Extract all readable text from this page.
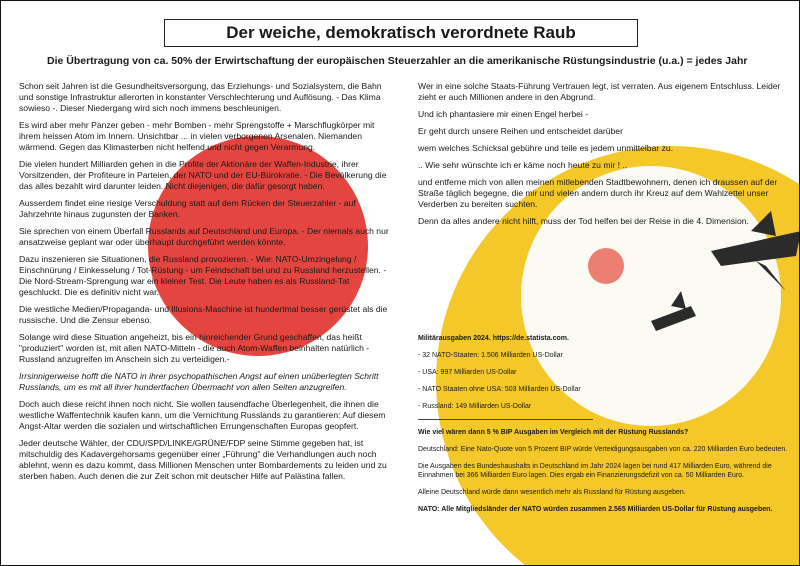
Der weiche, demokratisch verordnete Raub
Die Übertragung von ca. 50% der Erwirtschaftung der europäischen Steuerzahler an die amerikanische Rüstungsindustrie (u.a.) = jedes Jahr

Schon seit Jahren ist die Gesundheitsversorgung, das Erziehungs- und Sozialsystem, die Bahn und sonstige Infrastruktur allerorten in konstanter Verschlechterung und Auflösung. - Das Klima sowieso -. Dieser Niedergang wird sich noch immens beschleunigen.

Es wird aber mehr Panzer geben - mehr Bomben - mehr Sprengstoffe + Marschflugkörper mit ihrem heissen Atom im Innern. Unsichtbar ... in vielen verborgenen Arsenalen. Niemanden wärmend. Gegen das Klimasterben nicht helfend und nicht gegen Verarmung.

Die vielen hundert Milliarden gehen in die Profite der Aktionäre der Waffen-Industrie, ihrer Vorsitzenden, der Profiteure in Parteien, der NATO und der EU-Bürokratie. - Die Bevölkerung die das alles bezahlt wird darunter leiden. Nicht diejenigen, die dafür gesorgt haben.

Ausserdem findet eine riesige Verschuldung statt auf dem Rücken der Steuerzahler - auf Jahrzehnte hinaus zugunsten der Banken.

Sie sprechen von einem Überfall Russlands auf Deutschland und Europa. - Der niemals auch nur ansatzweise geplant war oder überhaupt durchgeführt werden könnte.

Dazu inszenieren sie Situationen, die Russland provozieren. - Wie: NATO-Umzingelung / Einschnürung / Einkesselung / Tot-Rüstung - um Feindschaft bei und zu Russland herzustellen. - Die Nord-Stream-Sprengung war ein kleiner Test. Die Leute haben es als Russland-Tat geschluckt. Die es definitiv nicht war.

Die westliche Medien/Propaganda- und Illusions-Maschine ist hundertmal besser gerüstet als die russische. Und die Zensur ebenso.

Solange wird diese Situation angeheizt, bis ein hinreichender Grund geschaffen, das heißt "produziert" worden ist, mit allen NATO-Mitteln - die auch Atom-Waffen beinhalten natürlich - Russland anzugreifen im Anschein sich zu verteidigen.-

Irrsinnigerweise hofft die NATO in ihrer psychopathischen Angst auf einen unüberlegten Schritt Russlands, um es mit all ihrer hundertfachen Übermacht von allen Seiten anzugreifen.

Doch auch diese reicht ihnen noch nicht. Sie wollen tausendfache Überlegenheit, die ihnen die westliche Waffentechnik kaufen kann, um die Vernichtung Russlands zu garantieren: Auf diesem Angst-Altar werden die sozialen und wirtschaftlichen Errungenschaften Europas geopfert.

Jeder deutsche Wähler, der CDU/SPD/LINKE/GRÜNE/FDP seine Stimme gegeben hat, ist mitschuldig des Kadavergehorsams gegenüber einer „Führung" die Verhandlungen auch noch ablehnt, wenn es dazu kommt, dass Millionen Menschen unter Bombardements zu leiden und zu sterben haben. Auch denen die zur Zeit schon mit deutscher Hilfe auf Palästina fallen.

Wer in eine solche Staats-Führung Vertrauen legt, ist verraten. Aus eigenem Entschluss. Leider zieht er auch Millionen andere in den Abgrund.

Und ich phantasiere mir einen Engel herbei -

Er geht durch unsere Reihen und entscheidet darüber

wem welches Schicksal gebühre und teile es jedem unmittelbar zu.

.. Wie sehr wünschte ich er käme noch heute zu mir ! ..

und entferne mich von allen meinen mitlebenden Stadtbewohnern, denen ich draussen auf der Straße täglich begegne, die mir und vielen andern durch ihr Kreuz auf dem Wahlzettel unser Verderben zu bereiten suchten.

Denn da alles andere nicht hilft, muss der Tod helfen bei der Reise in die 4. Dimension.

Militärausgaben 2024. https://de.statista.com.

- 32 NATO-Staaten: 1.506 Milliarden US-Dollar

- USA: 997 Milliarden US-Dollar

- NATO Staaten ohne USA: 503 Milliarden US-Dollar

- Russland: 149 Milliarden US-Dollar

Wie viel wären dann 5 % BIP Ausgaben im Vergleich mit der Rüstung Russlands?

Deutschland: Eine Nato-Quote von 5 Prozent BIP würde Verteidigungsausgaben von ca. 220 Milliarden Euro bedeuten.

Die Ausgaben des Bundeshaushalts in Deutschland im Jahr 2024 lagen bei rund 417 Milliarden Euro, während die Einnahmen bei 366 Milliarden Euro lagen. Dies ergab ein Finanzierungsdefizit von ca. 50 Milliarden Euro.

Alleine Deutschland würde dann wesentlich mehr als Russland für Rüstung ausgeben.

NATO: Alle Mitgliedsländer der NATO würden zusammen 2.565 Milliarden US-Dollar für Rüstung ausgeben.
